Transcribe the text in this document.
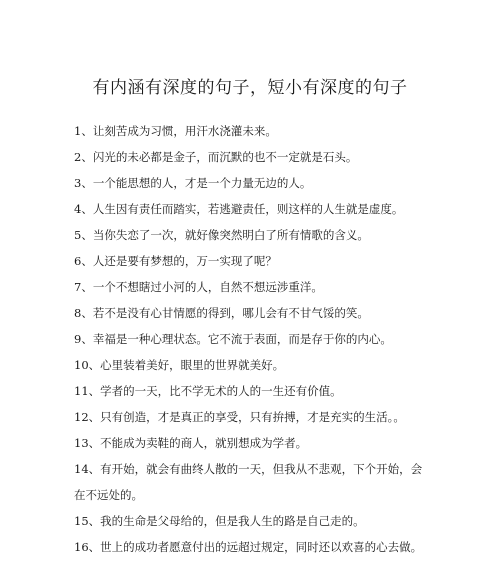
有内涵有深度的句子，短小有深度的句子
1、让刻苦成为习惯，用汗水浇灌未来。
2、闪光的未必都是金子，而沉默的也不一定就是石头。
3、一个能思想的人，才是一个力量无边的人。
4、人生因有责任而踏实，若逃避责任，则这样的人生就是虚度。
5、当你失恋了一次，就好像突然明白了所有情歌的含义。
6、人还是要有梦想的，万一实现了呢？
7、一个不想瞎过小河的人，自然不想远涉重洋。
8、若不是没有心甘情愿的得到，哪儿会有不甘气馁的笑。
9、幸福是一种心理状态。它不流于表面，而是存于你的内心。
10、心里装着美好，眼里的世界就美好。
11、学者的一天，比不学无术的人的一生还有价值。
12、只有创造，才是真正的享受，只有拚搏，才是充实的生活。。
13、不能成为卖鞋的商人，就别想成为学者。
14、有开始，就会有曲终人散的一天，但我从不悲观，下个开始，会
在不远处的。
15、我的生命是父母给的，但是我人生的路是自己走的。
16、世上的成功者愿意付出的远超过规定，同时还以欢喜的心去做。
